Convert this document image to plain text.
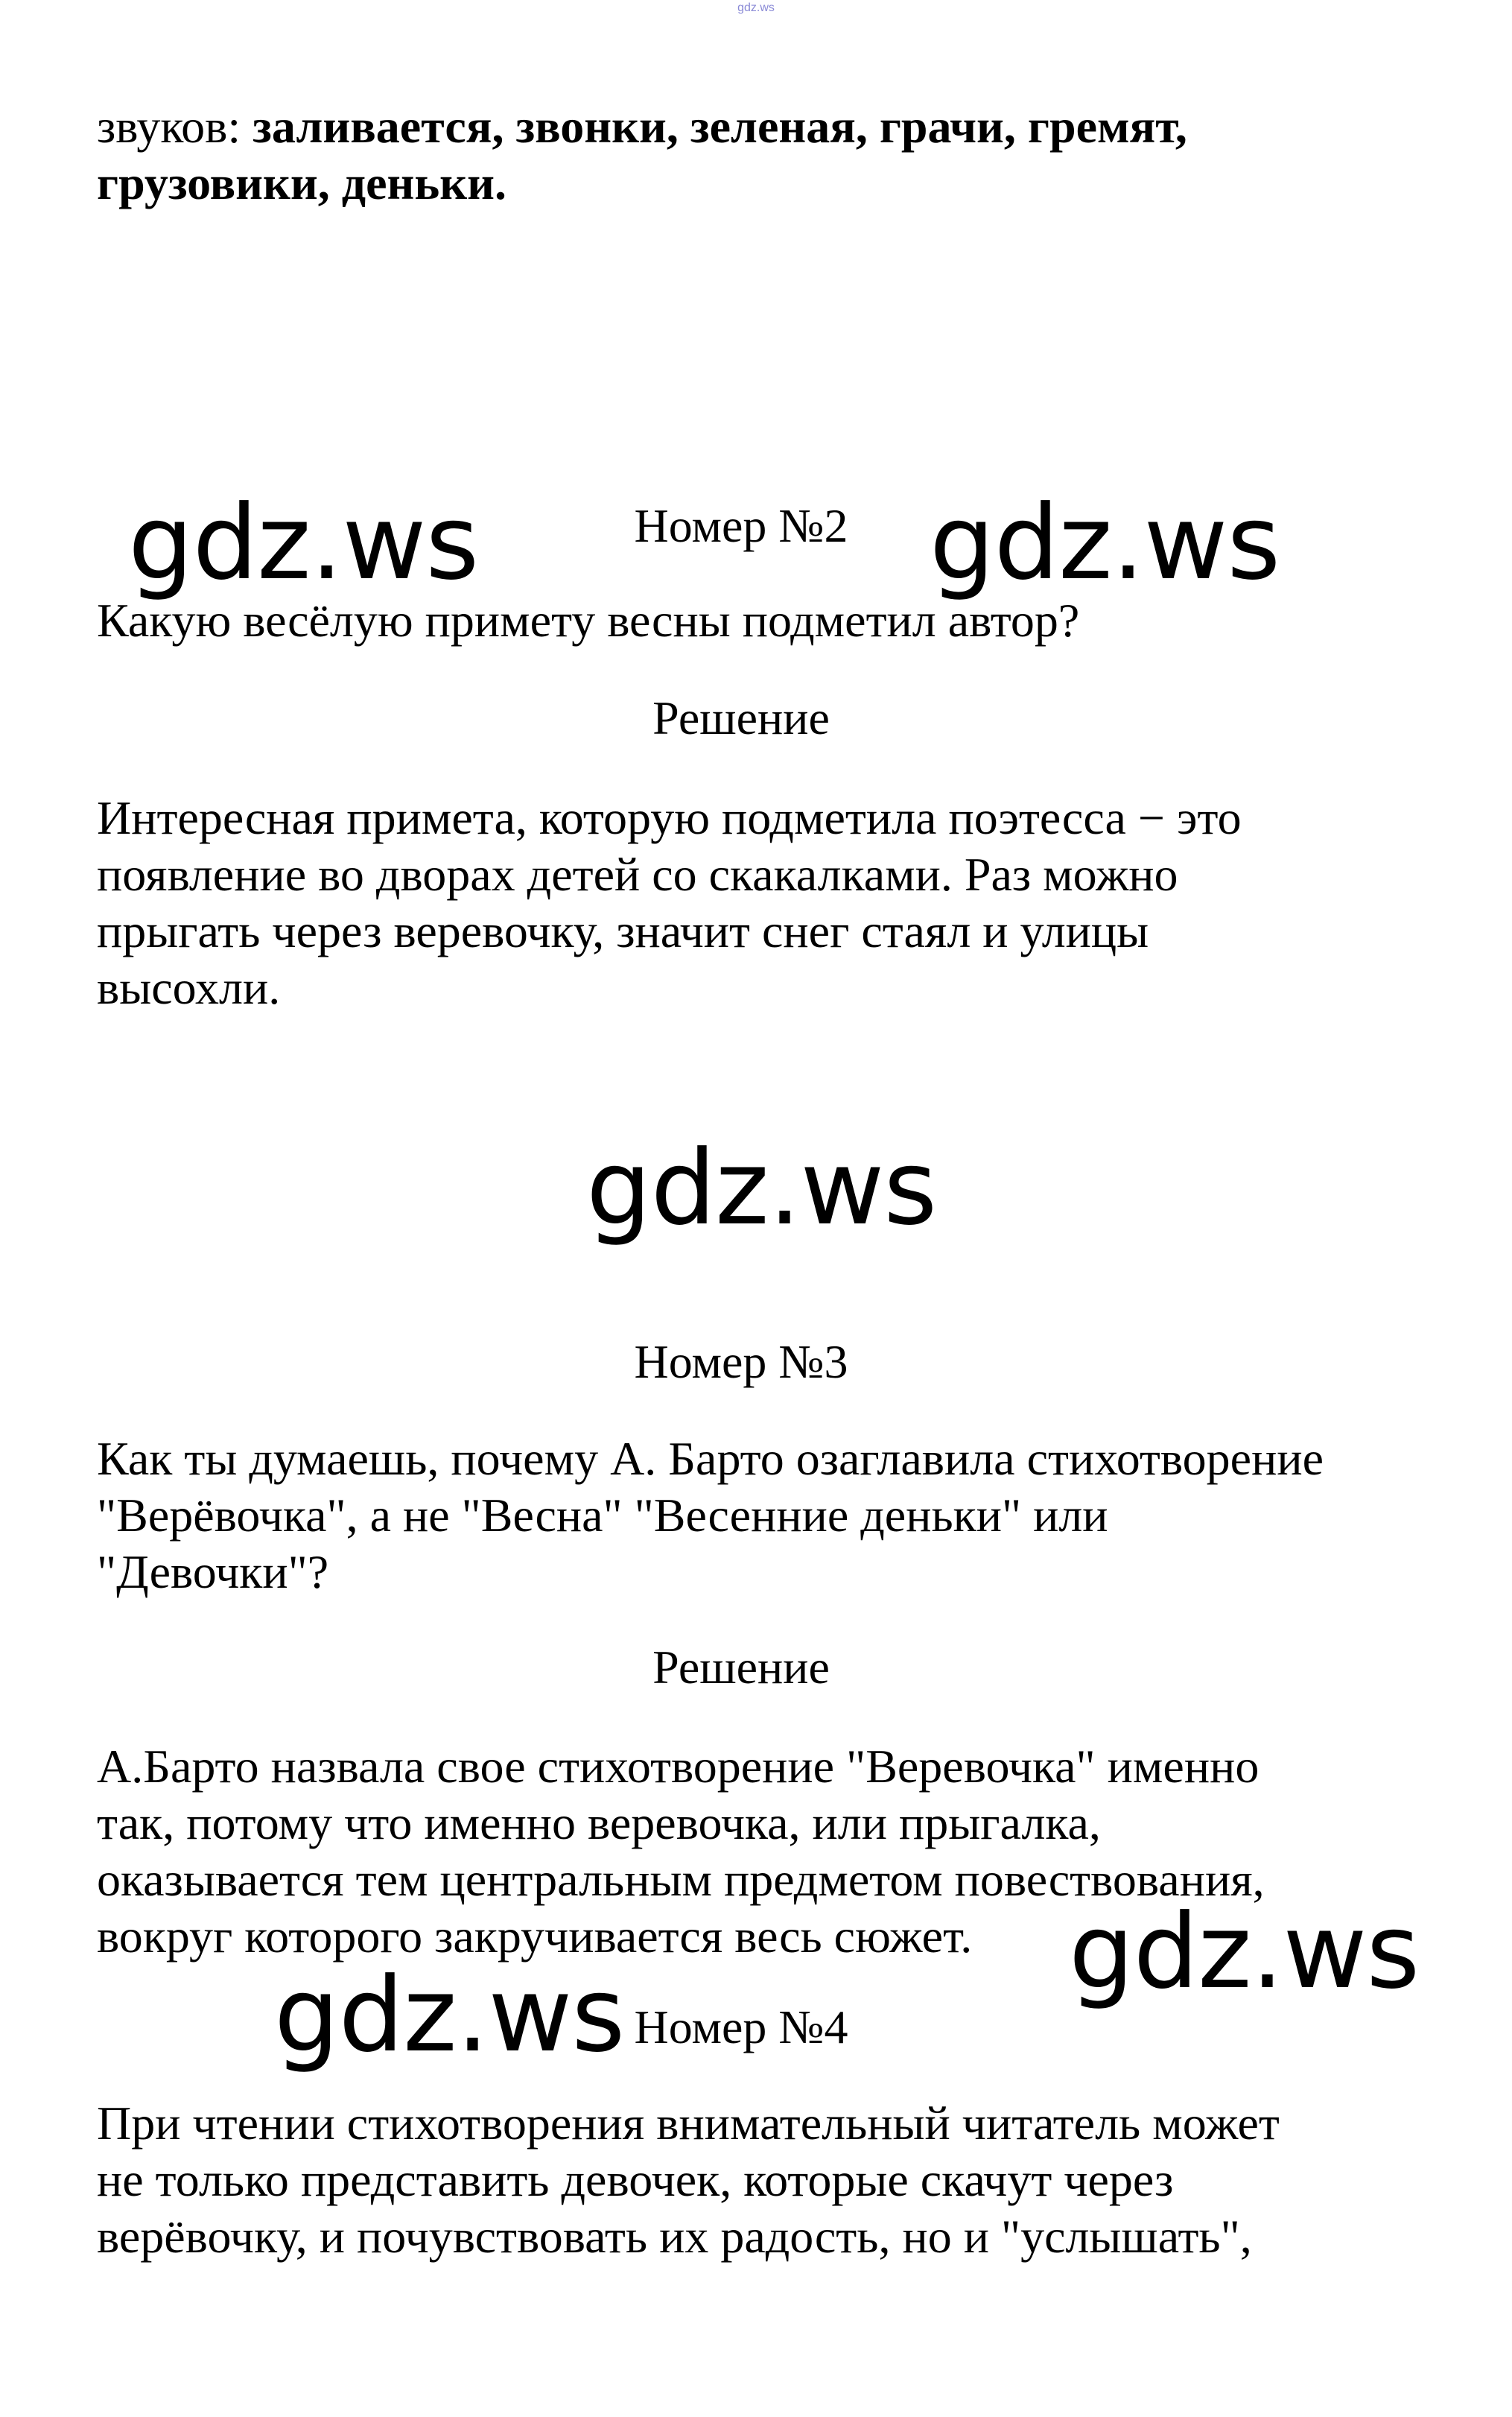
gdz.ws

звуков: заливается, звонки, зеленая, грачи, гремят,
грузовики, деньки.

gdz.ws	Номер №2 gdz.ws

Какую весёлую примету весны подметил автор?

Решение

Интересная примета, которую подметила поэтесса − это
появление во дворах детей со скакалками. Раз можно
прыгать через веревочку, значит снег стаял и улицы
высохли.

gdz.ws
Номер №3

Как ты думаешь, почему А. Барто озаглавила стихотворение
"Верёвочка", а не "Весна" "Весенние деньки" или
"Девочки"?

Решение

А.Барто назвала свое стихотворение "Веревочка" именно
так, потому что именно веревочка, или прыгалка,
оказывается тем центральным предметом повествования,
вокруг которого закручивается весь сюжет. gdz.ws
gdz.ws Номер №4

При чтении стихотворения внимательный читатель может
не только представить девочек, которые скачут через
верёвочку, и почувствовать их радость, но и "услышать",
